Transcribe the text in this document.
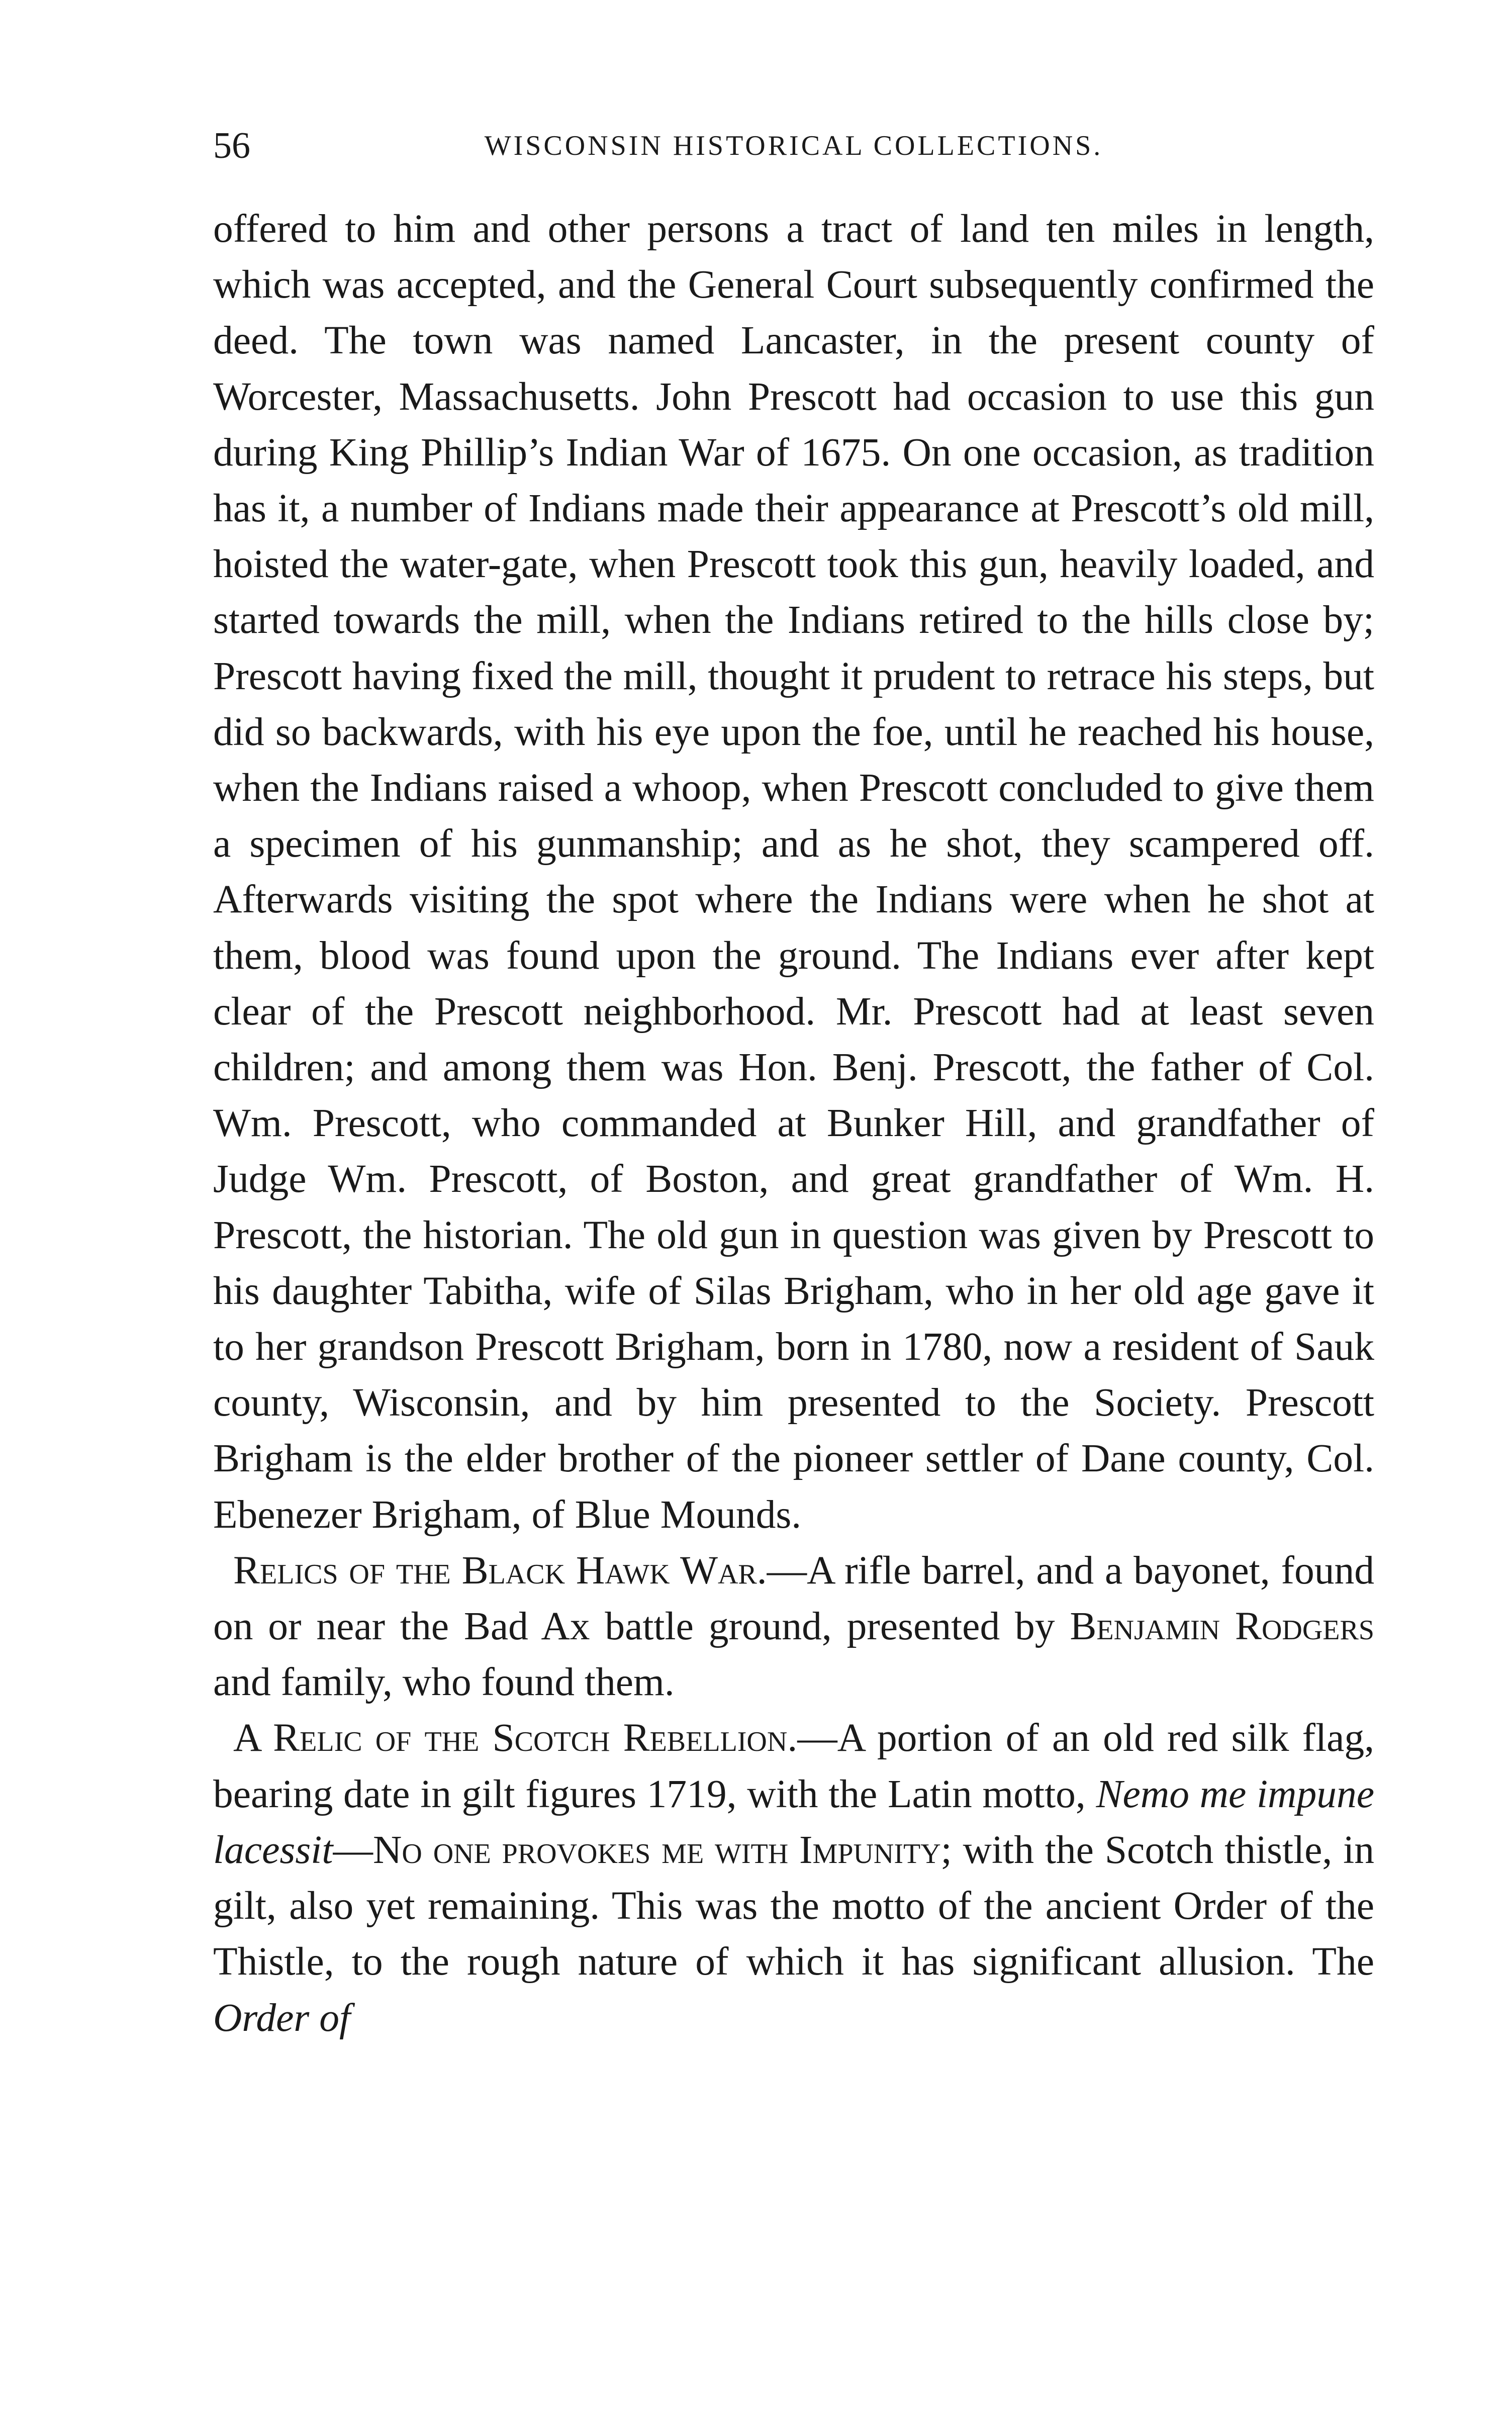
56	WISCONSIN HISTORICAL COLLECTIONS.

offered to him and other persons a tract of land ten miles in length, which was accepted, and the General Court subsequently confirmed the deed. The town was named Lancaster, in the present county of Worcester, Massachusetts. John Prescott had occasion to use this gun during King Phillip’s Indian War of 1675. On one occasion, as tradition has it, a number of Indians made their appearance at Prescott’s old mill, hoisted the water-gate, when Prescott took this gun, heavily loaded, and started towards the mill, when the Indians retired to the hills close by; Prescott having fixed the mill, thought it prudent to retrace his steps, but did so backwards, with his eye upon the foe, until he reached his house, when the Indians raised a whoop, when Prescott concluded to give them a specimen of his gunmanship; and as he shot, they scampered off. Afterwards visiting the spot where the Indians were when he shot at them, blood was found upon the ground. The Indians ever after kept clear of the Prescott neighborhood. Mr. Prescott had at least seven children; and among them was Hon. Benj. Prescott, the father of Col. Wm. Prescott, who commanded at Bunker Hill, and grandfather of Judge Wm. Prescott, of Boston, and great grandfather of Wm. H. Prescott, the historian. The old gun in question was given by Prescott to his daughter Tabitha, wife of Silas Brigham, who in her old age gave it to her grandson Prescott Brigham, born in 1780, now a resident of Sauk county, Wisconsin, and by him presented to the Society. Prescott Brigham is the elder brother of the pioneer settler of Dane county, Col. Ebenezer Brigham, of Blue Mounds.

Relics of the Black Hawk War.—A rifle barrel, and a bayonet, found on or near the Bad Ax battle ground, presented by Benjamin Rodgers and family, who found them.

A Relic of the Scotch Rebellion.—A portion of an old red silk flag, bearing date in gilt figures 1719, with the Latin motto, Nemo me impune lacessit—No one provokes me with Impunity; with the Scotch thistle, in gilt, also yet remaining. This was the motto of the ancient Order of the Thistle, to the rough nature of which it has significant allusion. The Order of
